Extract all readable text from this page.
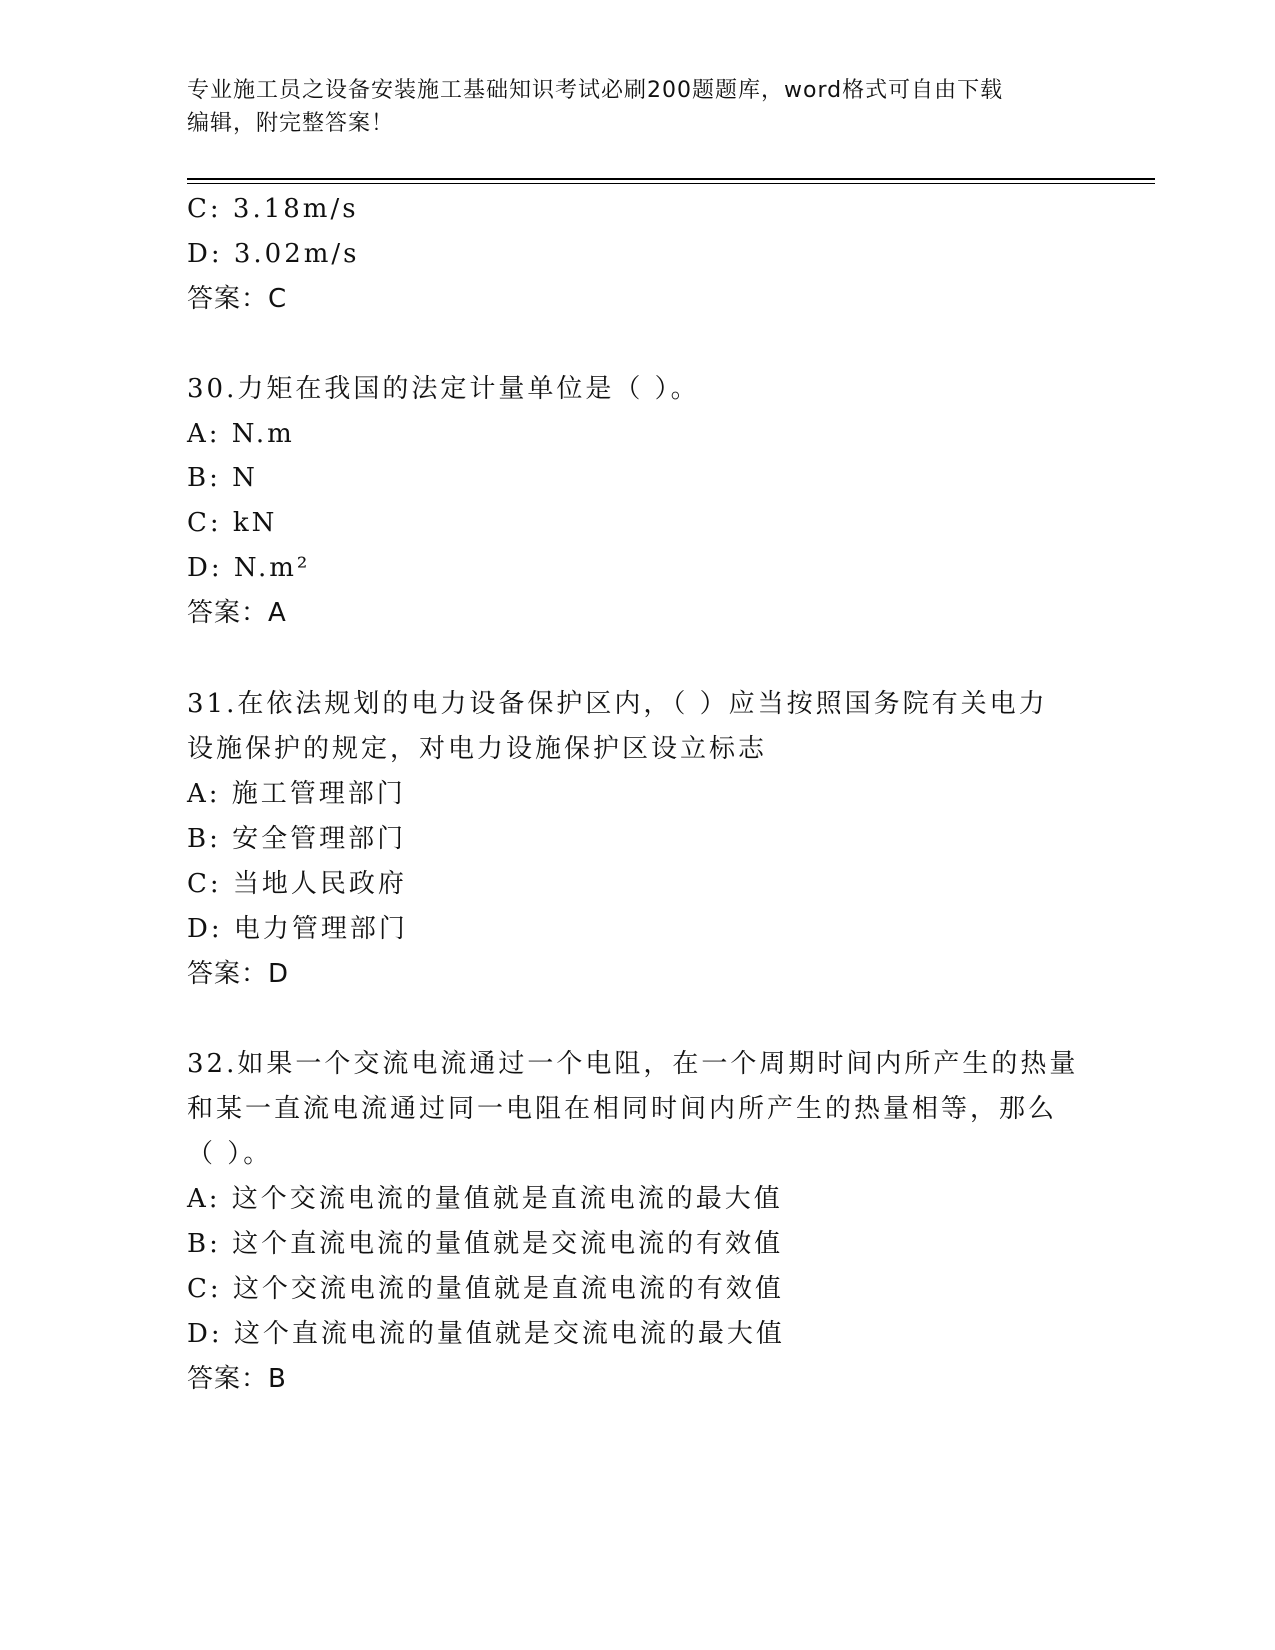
专业施工员之设备安装施工基础知识考试必刷200题题库，word格式可自由下载
编辑，附完整答案！
C: 3.18m/s
D: 3.02m/s
答案：C
30.力矩在我国的法定计量单位是（ ）。
A: N.m
B: N
C: kN
D: N.m²
答案：A
31.在依法规划的电力设备保护区内，（ ）应当按照国务院有关电力
设施保护的规定，对电力设施保护区设立标志
A: 施工管理部门
B: 安全管理部门
C: 当地人民政府
D: 电力管理部门
答案：D
32.如果一个交流电流通过一个电阻，在一个周期时间内所产生的热量
和某一直流电流通过同一电阻在相同时间内所产生的热量相等，那么
（ ）。
A: 这个交流电流的量值就是直流电流的最大值
B: 这个直流电流的量值就是交流电流的有效值
C: 这个交流电流的量值就是直流电流的有效值
D: 这个直流电流的量值就是交流电流的最大值
答案：B
